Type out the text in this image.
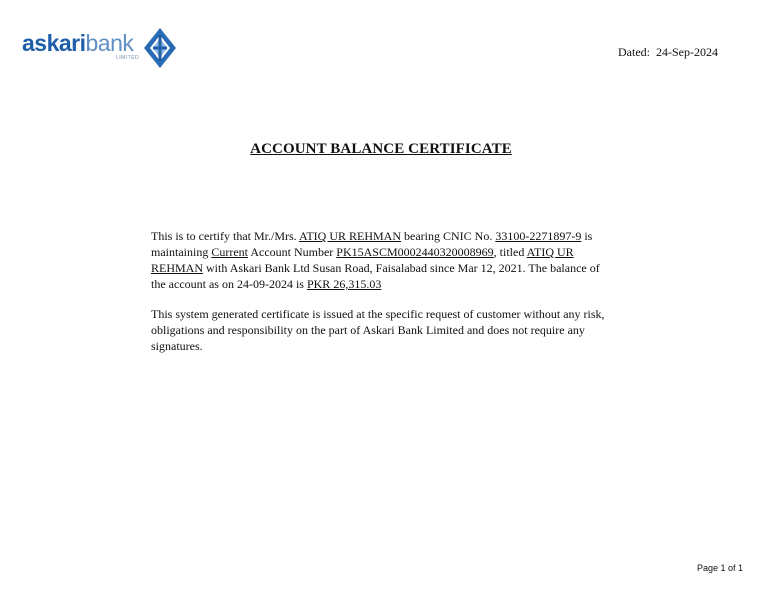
askaribank
LIMITED	Dated: 24-Sep-2024
ACCOUNT BALANCE CERTIFICATE
This is to certify that Mr./Mrs. ATIQ UR REHMAN bearing CNIC No. 33100-2271897-9 is
maintaining Current Account Number PK15ASCM0002440320008969, titled ATIQ UR
REHMAN with Askari Bank Ltd Susan Road, Faisalabad since Mar 12, 2021. The balance of
the account as on 24-09-2024 is PKR 26,315.03
This system generated certificate is issued at the specific request of customer without any risk,
obligations and responsibility on the part of Askari Bank Limited and does not require any
signatures.
Page 1 of 1
